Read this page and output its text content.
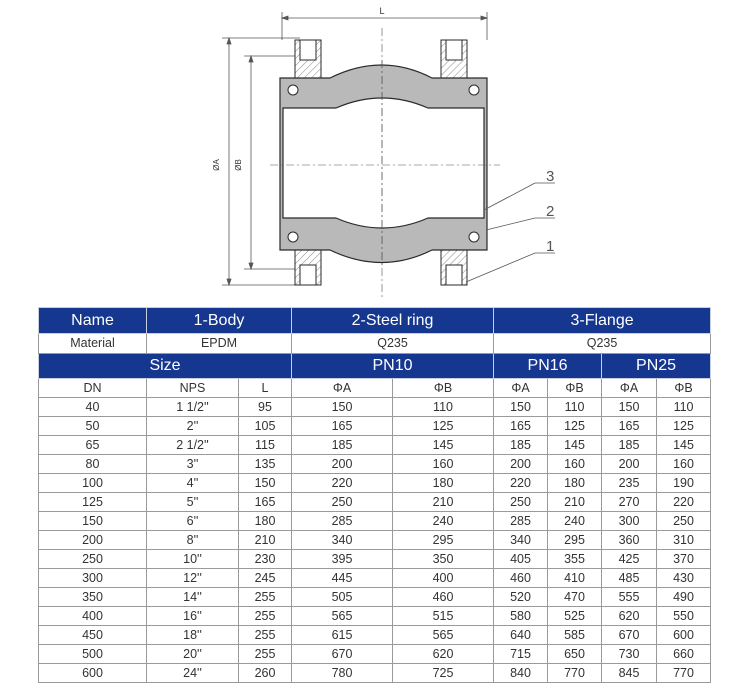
L
ØA ØB
3
2
1
Name	1-Body		2-Steel ring		3-Flange			
Material	EPDM		Q235		Q235			
Size			PN10		PN16		PN25	
DN	NPS	L	ΦA	ΦB	ΦA	ΦB	ΦA	ΦB
40	1 1/2''	95	150	110	150	110	150	110
50	2''	105	165	125	165	125	165	125
65	2 1/2''	115	185	145	185	145	185	145
80	3''	135	200	160	200	160	200	160
100	4''	150	220	180	220	180	235	190
125	5''	165	250	210	250	210	270	220
150	6''	180	285	240	285	240	300	250
200	8''	210	340	295	340	295	360	310
250	10''	230	395	350	405	355	425	370
300	12''	245	445	400	460	410	485	430
350	14''	255	505	460	520	470	555	490
400	16''	255	565	515	580	525	620	550
450	18''	255	615	565	640	585	670	600
500	20''	255	670	620	715	650	730	660
600	24''	260	780	725	840	770	845	770
